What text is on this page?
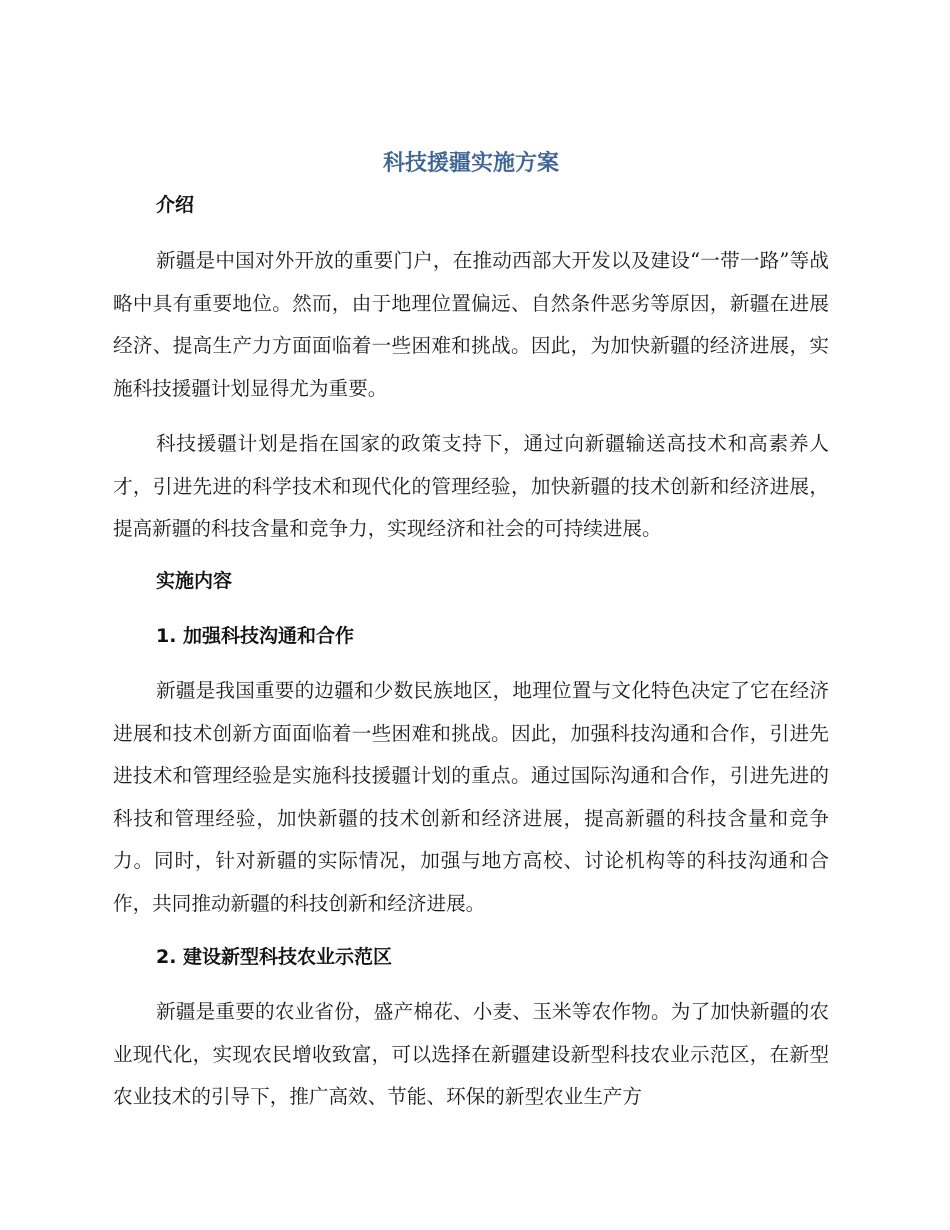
科技援疆实施方案
介绍
新疆是中国对外开放的重要门户，在推动西部大开发以及建设“一带一路”等战略中具有重要地位。然而，由于地理位置偏远、自然条件恶劣等原因，新疆在进展经济、提高生产力方面面临着一些困难和挑战。因此，为加快新疆的经济进展，实施科技援疆计划显得尤为重要。
科技援疆计划是指在国家的政策支持下，通过向新疆输送高技术和高素养人才，引进先进的科学技术和现代化的管理经验，加快新疆的技术创新和经济进展，提高新疆的科技含量和竞争力，实现经济和社会的可持续进展。
实施内容
1. 加强科技沟通和合作
新疆是我国重要的边疆和少数民族地区，地理位置与文化特色决定了它在经济进展和技术创新方面面临着一些困难和挑战。因此，加强科技沟通和合作，引进先进技术和管理经验是实施科技援疆计划的重点。通过国际沟通和合作，引进先进的科技和管理经验，加快新疆的技术创新和经济进展，提高新疆的科技含量和竞争力。同时，针对新疆的实际情况，加强与地方高校、讨论机构等的科技沟通和合作，共同推动新疆的科技创新和经济进展。
2. 建设新型科技农业示范区
新疆是重要的农业省份，盛产棉花、小麦、玉米等农作物。为了加快新疆的农业现代化，实现农民增收致富，可以选择在新疆建设新型科技农业示范区，在新型农业技术的引导下，推广高效、节能、环保的新型农业生产方
